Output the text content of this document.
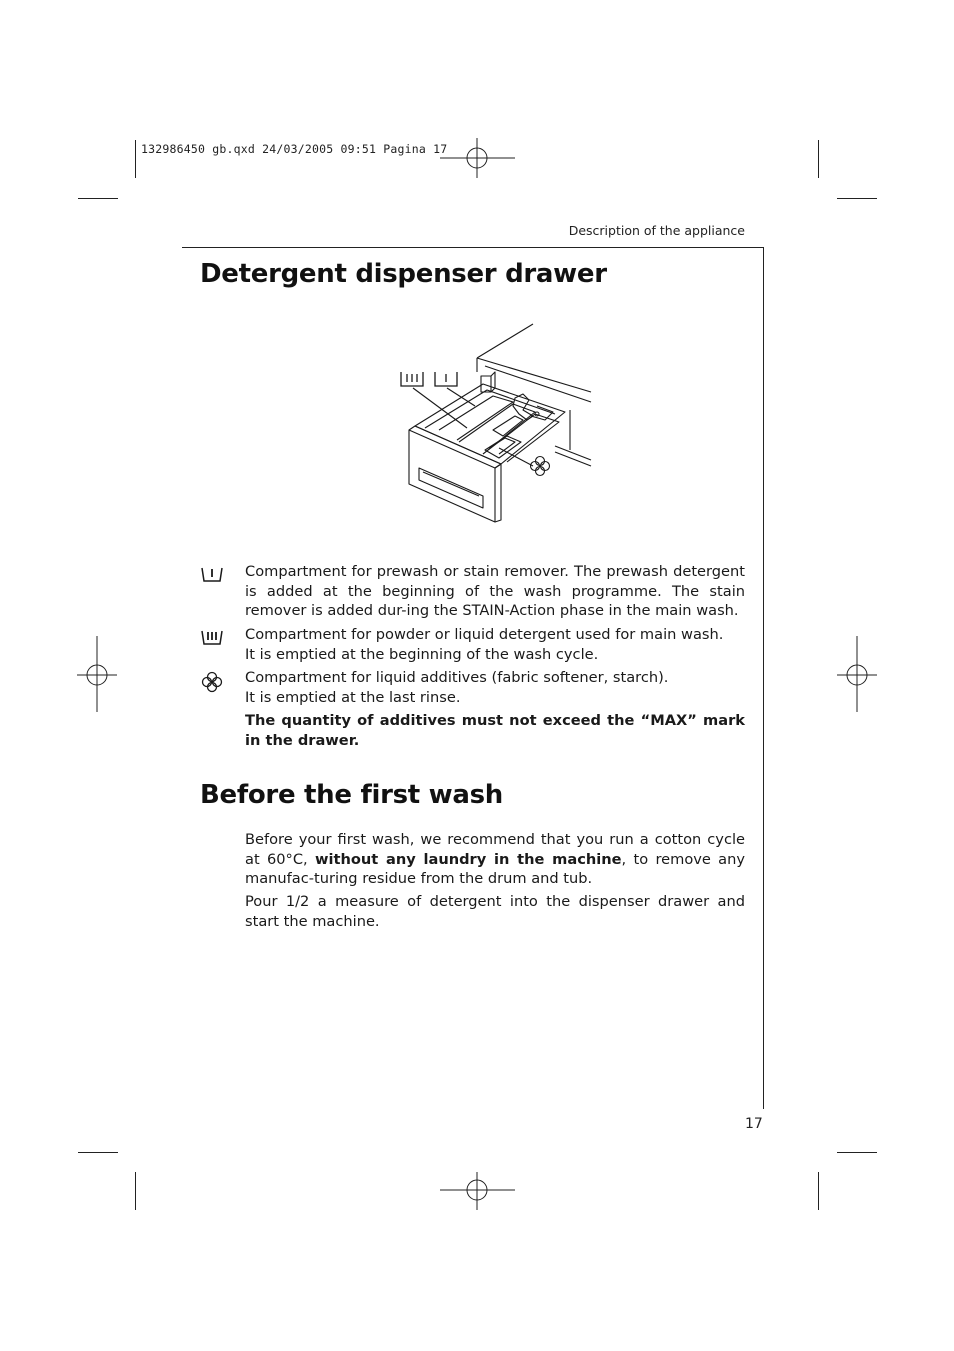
132986450 gb.qxd 24/03/2005 09:51 Pagina 17
Description of the appliance
Detergent dispenser drawer

Compartment for prewash or stain remover. The prewash detergent is added at the beginning of the wash programme. The stain remover is added dur-ing the STAIN-Action phase in the main wash.

Compartment for powder or liquid detergent used for main wash.
It is emptied at the beginning of the wash cycle.
Compartment for liquid additives (fabric softener, starch).
It is emptied at the last rinse.

The quantity of additives must not exceed the “MAX” mark in the drawer.

Before the first wash

Before your first wash, we recommend that you run a cotton cycle at 60°C, without any laundry in the machine, to remove any manufac-turing residue from the drum and tub.

Pour 1/2 a measure of detergent into the dispenser drawer and start the machine.

17
